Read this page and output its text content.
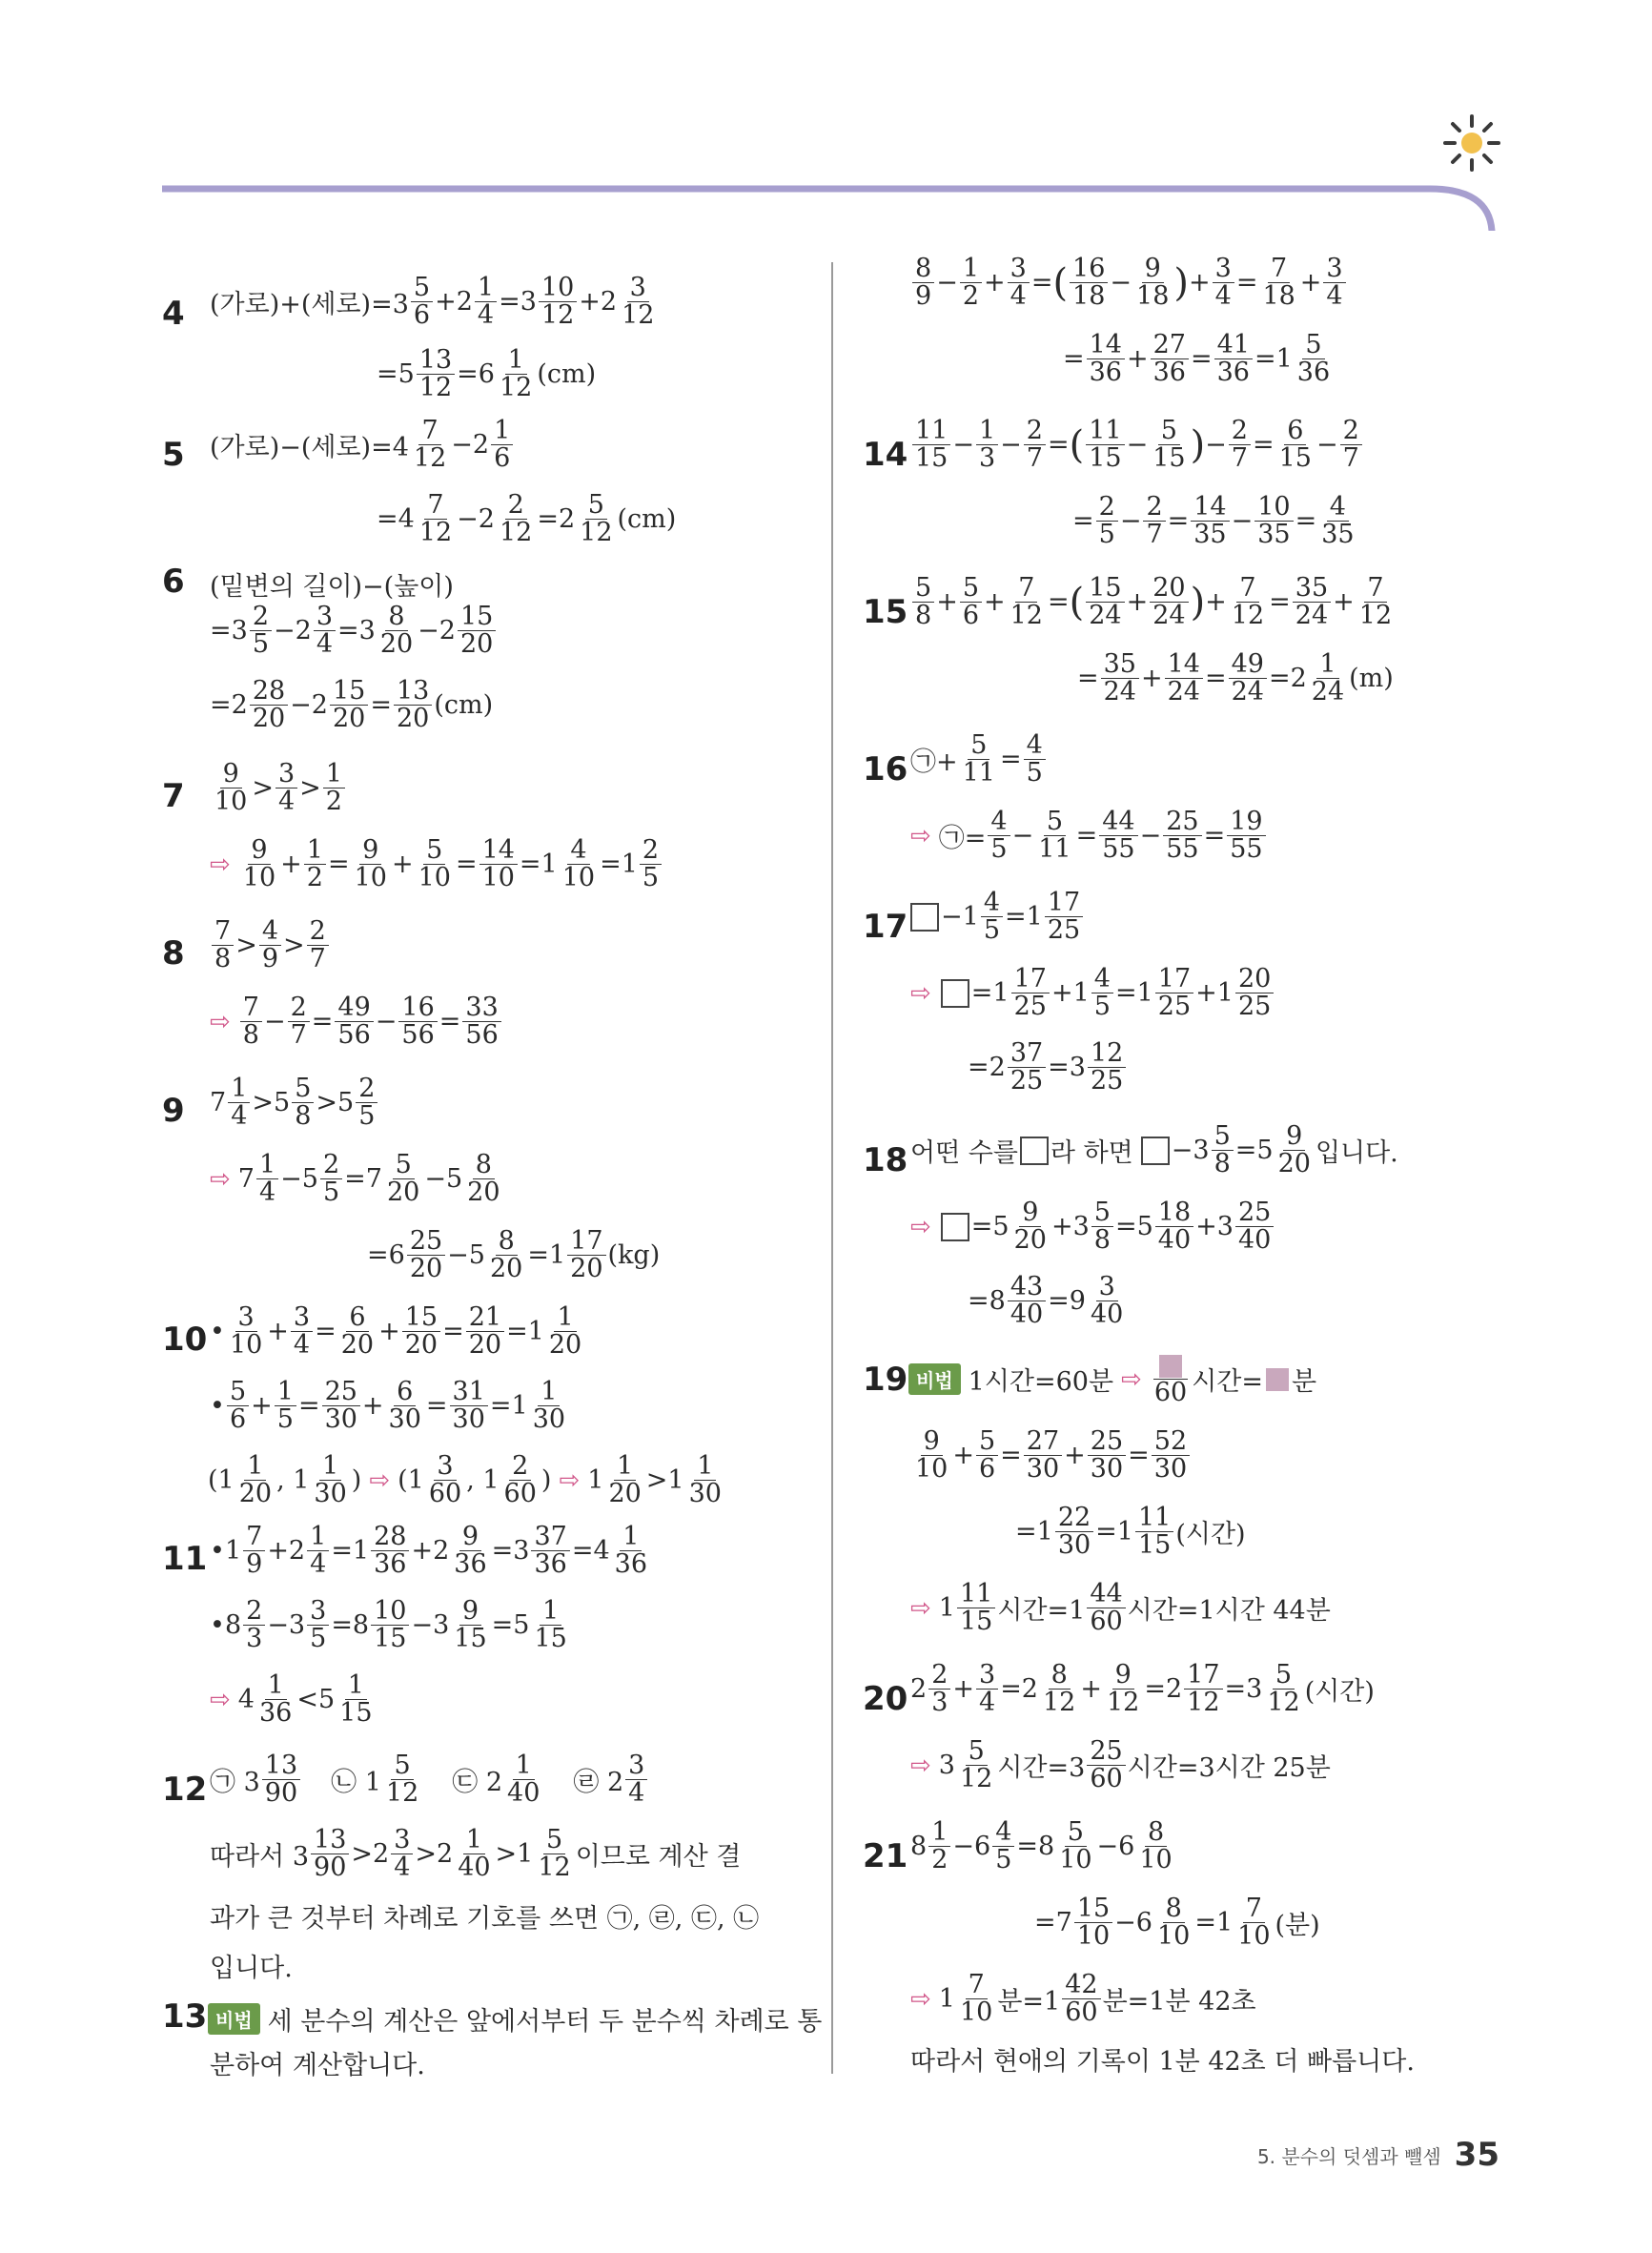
4 (가로)+(세로)$=3 \frac{5}{6} +2 \frac{1}{4} =3 \frac{10}{12} +2 \frac{3}{12}$
$=5 \frac{13}{12} =6 \frac{1}{12} (cm)$
5 (가로)−(세로)$=4 \frac{7}{12} -2 \frac{1}{6}$
$=4 \frac{7}{12} -2 \frac{2}{12} =2 \frac{5}{12} (cm)$
6 (밑변의 길이)−(높이)
$=3 \frac{2}{5} -2 \frac{3}{4} =3 \frac{8}{20} -2 \frac{15}{20}$
$=2 \frac{28}{20} -2 \frac{15}{20} = \frac{13}{20} (cm)$
$7 \frac{9}{10} > \frac{3}{4} > \frac{1}{2}$
⇨ $\frac{9}{10} + \frac{1}{2} = \frac{9}{10} + \frac{5}{10} = \frac{14}{10} =1 \frac{4}{10} =1 \frac{2}{5}$
$8 \frac{7}{8} > \frac{4}{9} > \frac{2}{7}$
⇨ $\frac{7}{8} - \frac{2}{7} = \frac{49}{56} - \frac{16}{56} = \frac{33}{56}$
9 $7 \frac{1}{4} >5 \frac{5}{8} >5 \frac{2}{5}$
⇨ $7 \frac{1}{4} -5 \frac{2}{5} =7 \frac{5}{20} -5 \frac{8}{20}$
$=6 \frac{25}{20} -5 \frac{8}{20} =1 \frac{17}{20} (kg)$
10 • $\frac{3}{10} + \frac{3}{4} = \frac{6}{20} + \frac{15}{20} = \frac{21}{20} =1 \frac{1}{20}$
• $\frac{5}{6} + \frac{1}{5} = \frac{25}{30} + \frac{6}{30} = \frac{31}{30} =1 \frac{1}{30}$
($1 \frac{1}{20}$ , $1 \frac{1}{30}$ ) ⇨ ($1 \frac{3}{60}$ , $1 \frac{2}{60}$ ) ⇨ $1 \frac{1}{20} >1 \frac{1}{30}$
11 • $1 \frac{7}{9} +2 \frac{1}{4} =1 \frac{28}{36} +2 \frac{9}{36} =3 \frac{37}{36} =4 \frac{1}{36}$
• $8 \frac{2}{3} -3 \frac{3}{5} =8 \frac{10}{15} -3 \frac{9}{15} =5 \frac{1}{15}$
⇨ $4 \frac{1}{36} <5 \frac{1}{15}$
12 ㉠ $3 \frac{13}{90}$ ㉡ $1 \frac{5}{12}$ ㉢ $2 \frac{1}{40}$ ㉣ $2 \frac{3}{4}$
따라서 $3 \frac{13}{90} >2 \frac{3}{4} >2 \frac{1}{40} >1 \frac{5}{12}$ 이므로 계산 결
과가 큰 것부터 차례로 기호를 쓰면 ㉠, ㉣, ㉢, ㉡
입니다.
13 비법 세 분수의 계산은 앞에서부터 두 분수씩 차례로 통
분하여 계산합니다.
$\frac{8}{9} - \frac{1}{2} + \frac{3}{4}$ = ( $\frac{16}{18} - \frac{9}{18}$ ) + $\frac{3}{4} = \frac{7}{18} + \frac{3}{4}$
= $\frac{14}{36} + \frac{27}{36} = \frac{41}{36} =1 \frac{5}{36}$
$14 \frac{11}{15} - \frac{1}{3} - \frac{2}{7}$ = ( $\frac{11}{15} - \frac{5}{15}$ ) − $\frac{2}{7} = \frac{6}{15} - \frac{2}{7}$
= $\frac{2}{5} - \frac{2}{7} = \frac{14}{35} - \frac{10}{35} = \frac{4}{35}$
$15 \frac{5}{8} + \frac{5}{6} + \frac{7}{12}$ = ( $\frac{15}{24} + \frac{20}{24}$ ) + $\frac{7}{12} = \frac{35}{24} + \frac{7}{12}$
= $\frac{35}{24} + \frac{14}{24} = \frac{49}{24} =2 \frac{1}{24} (m)$
16 ㉠+ $\frac{5}{11} = \frac{4}{5}$
⇨ ㉠= $\frac{4}{5} - \frac{5}{11} = \frac{44}{55} - \frac{25}{55} = \frac{19}{55}$
$17 -1 \frac{4}{5} =1 \frac{17}{25}$
⇨ $=1 \frac{17}{25} +1 \frac{4}{5} =1 \frac{17}{25} +1 \frac{20}{25}$
$=2 \frac{37}{25} =3 \frac{12}{25}$
18 어떤 수를 라 하면 $-3 \frac{5}{8} =5 \frac{9}{20}$ 입니다.
⇨ $=5 \frac{9}{20} +3 \frac{5}{8} =5 \frac{18}{40} +3 \frac{25}{40}$
$=8 \frac{43}{40} =9 \frac{3}{40}$
19 비법 1시간=60분 ⇨ 60 시간= 분
$\frac{9}{10} + \frac{5}{6} = \frac{27}{30} + \frac{25}{30} = \frac{52}{30}$
$=1 \frac{22}{30} =1 \frac{11}{15}$ (시간)
⇨ $1 \frac{11}{15}$ 시간$=1 \frac{44}{60}$ 시간=1시간 44분
20 $2 \frac{2}{3} + \frac{3}{4} =2 \frac{8}{12} + \frac{9}{12} =2 \frac{17}{12} =3 \frac{5}{12}$ (시간)
⇨ $3 \frac{5}{12}$ 시간$=3 \frac{25}{60}$ 시간=3시간 25분
21 $8 \frac{1}{2} -6 \frac{4}{5} =8 \frac{5}{10} -6 \frac{8}{10}$
$=7 \frac{15}{10} -6 \frac{8}{10} =1 \frac{7}{10}$ (분)
⇨ $1 \frac{7}{10}$ 분$=1 \frac{42}{60}$ 분=1분 42초
따라서 현애의 기록이 1분 42초 더 빠릅니다.
5. 분수의 덧셈과 뺄셈 35
